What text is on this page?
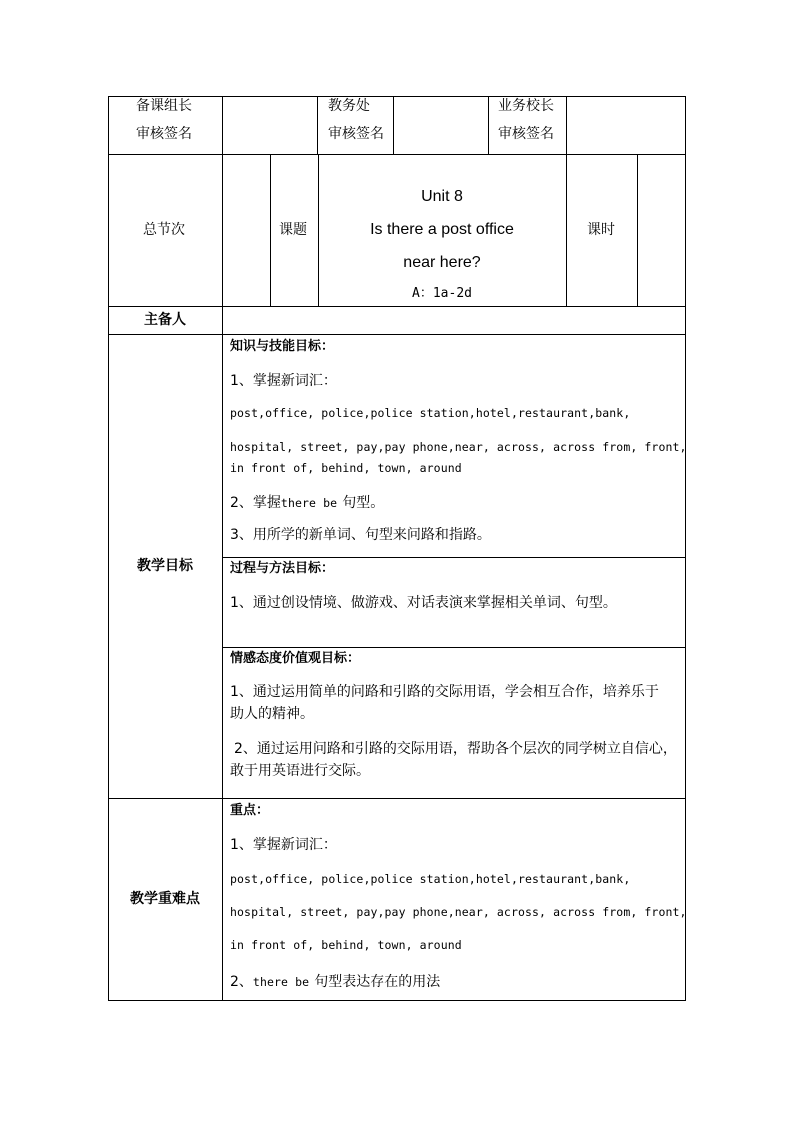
备课组长
审核签名
教务处
审核签名
业务校长
审核签名
总节次	课题
Unit 8
Is there a post office
near here?
A：1a-2d
课时
主备人
教学目标
知识与技能目标：
1、掌握新词汇：
post,office, police,police station,hotel,restaurant,bank,
hospital, street, pay,pay phone,near, across, across from, front,
in front of, behind, town, around
2、掌握there be 句型。
3、用所学的新单词、句型来问路和指路。
过程与方法目标：
1、通过创设情境、做游戏、对话表演来掌握相关单词、句型。
情感态度价值观目标：
1、通过运用简单的问路和引路的交际用语，学会相互合作，培养乐于
助人的精神。
2、通过运用问路和引路的交际用语，帮助各个层次的同学树立自信心，
敢于用英语进行交际。
教学重难点
重点：
1、掌握新词汇：
post,office, police,police station,hotel,restaurant,bank,
hospital, street, pay,pay phone,near, across, across from, front,
in front of, behind, town, around
2、there be 句型表达存在的用法
